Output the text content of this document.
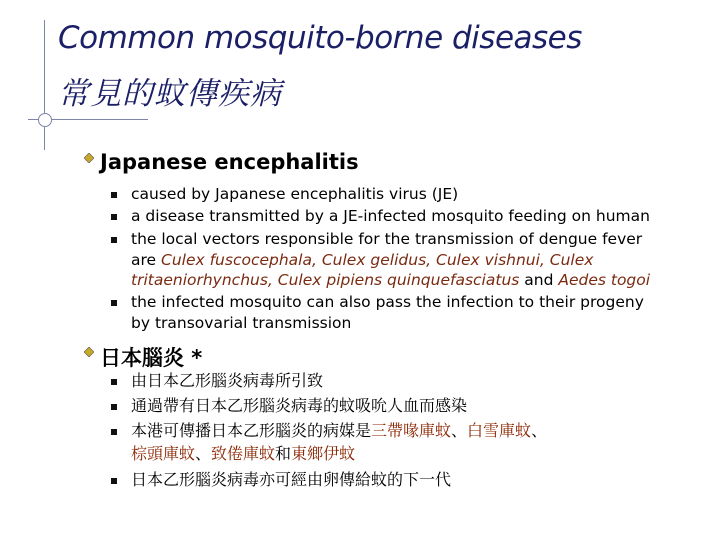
Common mosquito-borne diseases
常見的蚊傳疾病
Japanese encephalitis
caused by Japanese encephalitis virus (JE)
a disease transmitted by a JE-infected mosquito feeding on human
the local vectors responsible for the transmission of dengue fever
are Culex fuscocephala, Culex gelidus, Culex vishnui, Culex
tritaeniorhynchus, Culex pipiens quinquefasciatus and Aedes togoi
the infected mosquito can also pass the infection to their progeny
by transovarial transmission
日本腦炎 *
由日本乙形腦炎病毒所引致
通過帶有日本乙形腦炎病毒的蚊吸吮人血而感染
本港可傳播日本乙形腦炎的病媒是三帶喙庫蚊、白雪庫蚊、
棕頭庫蚊、致倦庫蚊和東鄉伊蚊
日本乙形腦炎病毒亦可經由卵傳給蚊的下一代
